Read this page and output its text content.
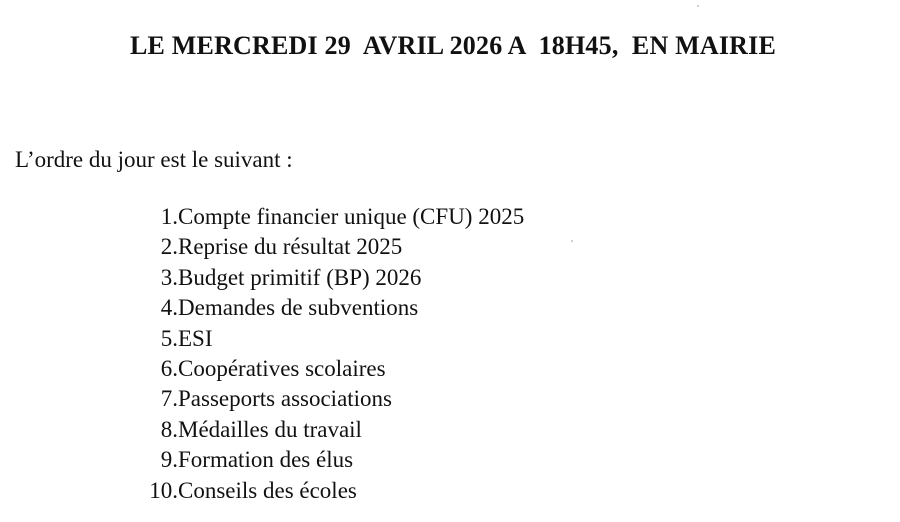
LE MERCREDI 29  AVRIL 2026 A  18H45,  EN MAIRIE

L’ordre du jour est le suivant :

1. Compte financier unique (CFU) 2025
2. Reprise du résultat 2025
3. Budget primitif (BP) 2026
4. Demandes de subventions
5. ESI
6. Coopératives scolaires
7. Passeports associations
8. Médailles du travail
9. Formation des élus
10. Conseils des écoles
